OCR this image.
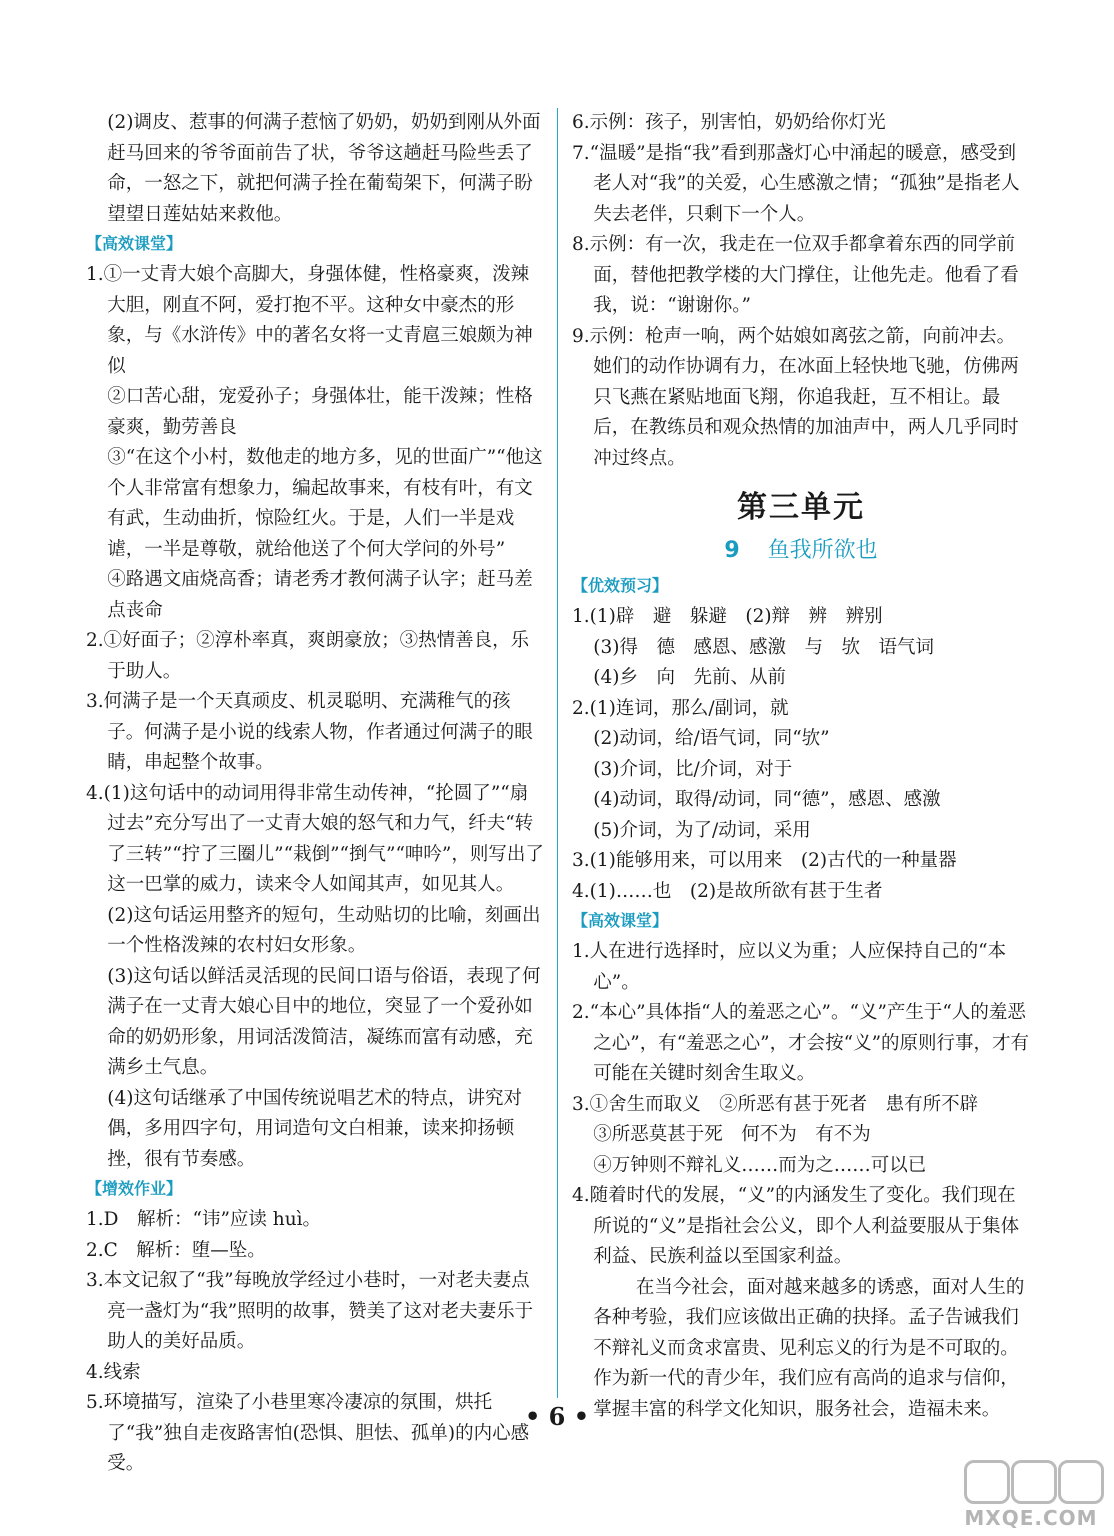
(2)调皮、惹事的何满子惹恼了奶奶，奶奶到刚从外面赶马回来的爷爷面前告了状，爷爷这趟赶马险些丢了命，一怒之下，就把何满子拴在葡萄架下，何满子盼望望日莲姑姑来救他。
【高效课堂】
1.①一丈青大娘个高脚大，身强体健，性格豪爽，泼辣大胆，刚直不阿，爱打抱不平。这种女中豪杰的形象，与《水浒传》中的著名女将一丈青扈三娘颇为神似
②口苦心甜，宠爱孙子；身强体壮，能干泼辣；性格豪爽，勤劳善良
③“在这个小村，数他走的地方多，见的世面广”“他这个人非常富有想象力，编起故事来，有枝有叶，有文有武，生动曲折，惊险红火。于是，人们一半是戏谑，一半是尊敬，就给他送了个何大学问的外号”
④路遇文庙烧高香；请老秀才教何满子认字；赶马差点丧命
2.①好面子；②淳朴率真，爽朗豪放；③热情善良，乐于助人。
3.何满子是一个天真顽皮、机灵聪明、充满稚气的孩子。何满子是小说的线索人物，作者通过何满子的眼睛，串起整个故事。
4.(1)这句话中的动词用得非常生动传神，“抡圆了”“扇过去”充分写出了一丈青大娘的怒气和力气，纤夫“转了三转”“拧了三圈儿”“栽倒”“捯气”“呻吟”，则写出了这一巴掌的威力，读来令人如闻其声，如见其人。
(2)这句话运用整齐的短句，生动贴切的比喻，刻画出一个性格泼辣的农村妇女形象。
(3)这句话以鲜活灵活现的民间口语与俗语，表现了何满子在一丈青大娘心目中的地位，突显了一个爱孙如命的奶奶形象，用词活泼简洁，凝练而富有动感，充满乡土气息。
(4)这句话继承了中国传统说唱艺术的特点，讲究对偶，多用四字句，用词造句文白相兼，读来抑扬顿挫，很有节奏感。
【增效作业】
1.D　解析：“讳”应读 huì。
2.C　解析：堕—坠。
3.本文记叙了“我”每晚放学经过小巷时，一对老夫妻点亮一盏灯为“我”照明的故事，赞美了这对老夫妻乐于助人的美好品质。
4.线索
5.环境描写，渲染了小巷里寒冷凄凉的氛围，烘托了“我”独自走夜路害怕(恐惧、胆怯、孤单)的内心感受。
6.示例：孩子，别害怕，奶奶给你灯光
7.“温暖”是指“我”看到那盏灯心中涌起的暖意，感受到老人对“我”的关爱，心生感激之情；“孤独”是指老人失去老伴，只剩下一个人。
8.示例：有一次，我走在一位双手都拿着东西的同学前面，替他把教学楼的大门撑住，让他先走。他看了看我，说：“谢谢你。”
9.示例：枪声一响，两个姑娘如离弦之箭，向前冲去。她们的动作协调有力，在冰面上轻快地飞驰，仿佛两只飞燕在紧贴地面飞翔，你追我赶，互不相让。最后，在教练员和观众热情的加油声中，两人几乎同时冲过终点。
第三单元
9 鱼我所欲也
【优效预习】
1.(1)辟　避　躲避　(2)辩　辨　辨别
(3)得　德　感恩、感激　与　欤　语气词
(4)乡　向　先前、从前
2.(1)连词，那么/副词，就
(2)动词，给/语气词，同“欤”
(3)介词，比/介词，对于
(4)动词，取得/动词，同“德”，感恩、感激
(5)介词，为了/动词，采用
3.(1)能够用来，可以用来　(2)古代的一种量器
4.(1)……也　(2)是故所欲有甚于生者
【高效课堂】
1.人在进行选择时，应以义为重；人应保持自己的“本心”。
2.“本心”具体指“人的羞恶之心”。“义”产生于“人的羞恶之心”，有“羞恶之心”，才会按“义”的原则行事，才有可能在关键时刻舍生取义。
3.①舍生而取义　②所恶有甚于死者　患有所不辟
③所恶莫甚于死　何不为　有不为
④万钟则不辩礼义……而为之……可以已
4.随着时代的发展，“义”的内涵发生了变化。我们现在所说的“义”是指社会公义，即个人利益要服从于集体利益、民族利益以至国家利益。
在当今社会，面对越来越多的诱惑，面对人生的各种考验，我们应该做出正确的抉择。孟子告诫我们不辩礼义而贪求富贵、见利忘义的行为是不可取的。作为新一代的青少年，我们应有高尚的追求与信仰，掌握丰富的科学文化知识，服务社会，造福未来。
• 6 •
MXQE.COM
